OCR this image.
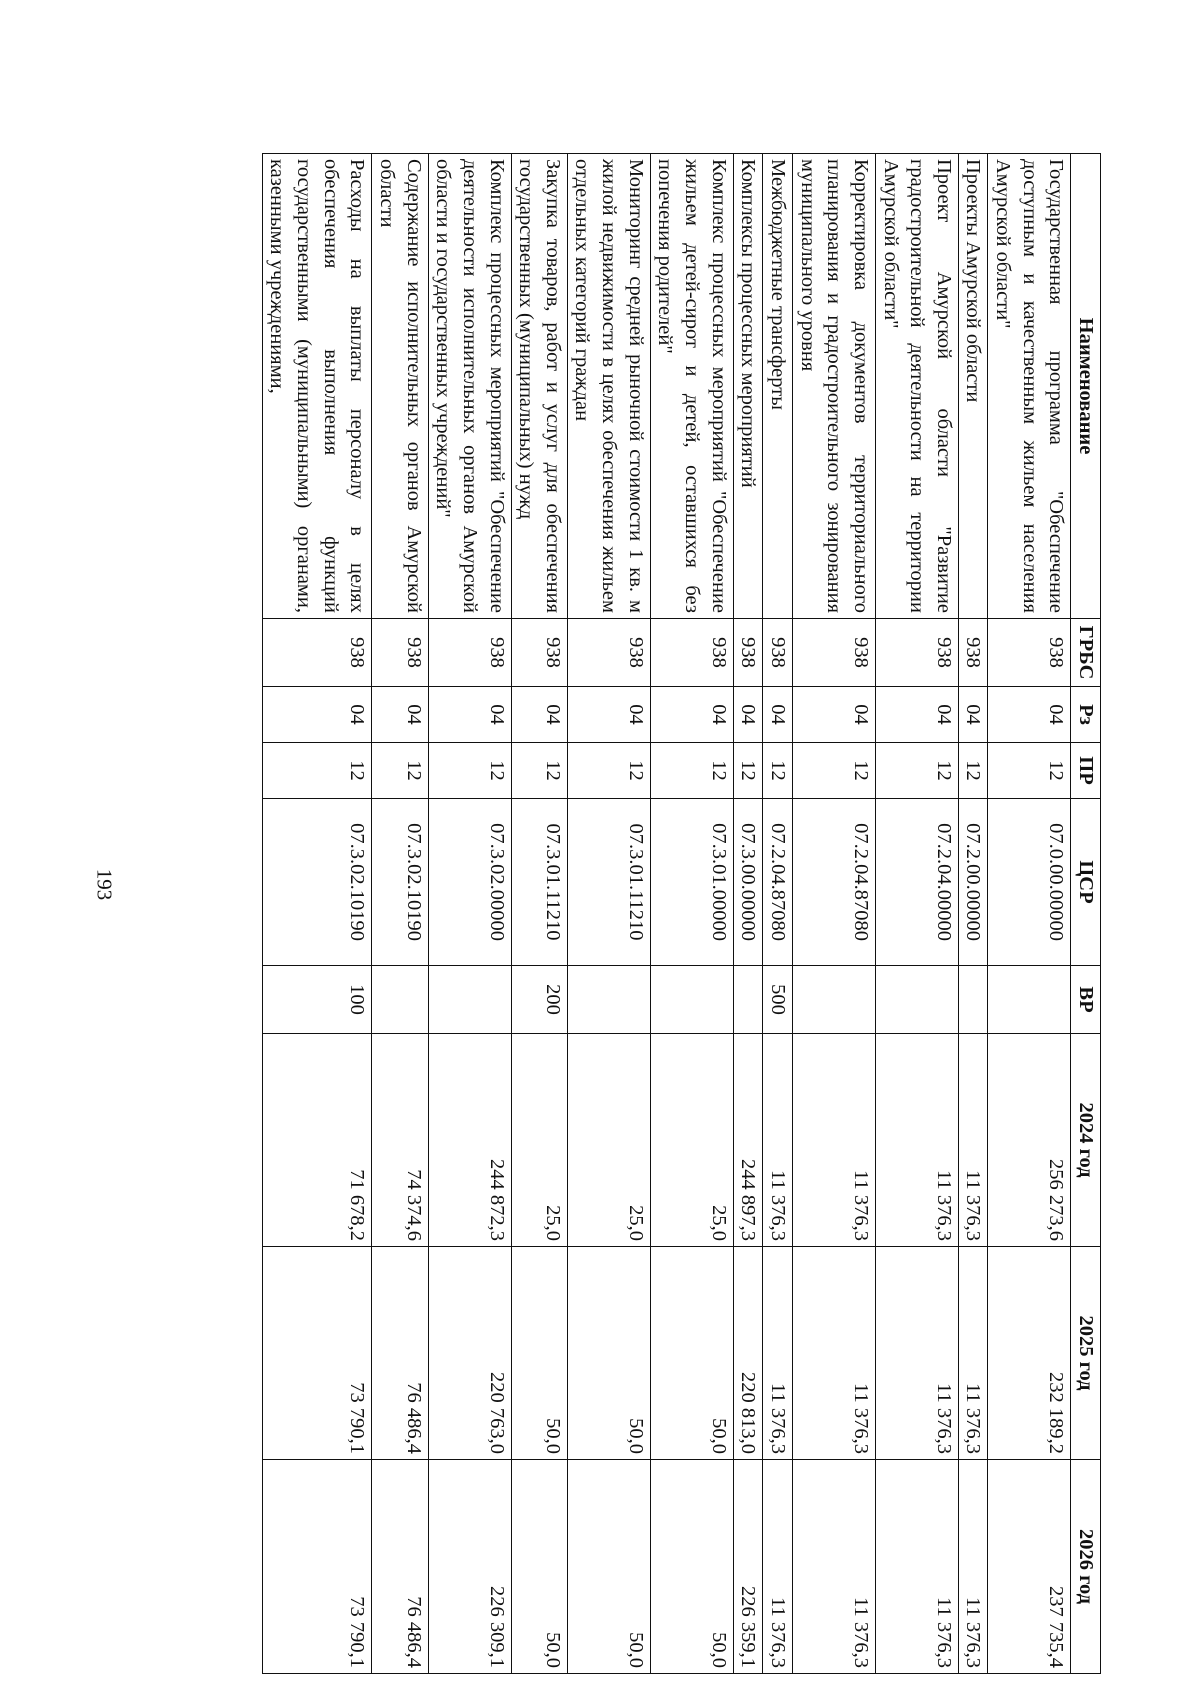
193

Наименование	ГРБС	Рз	ПР	ЦСР	ВР	2024 год	2025 год	2026 год
Государственная программа "Обеспечение доступным и качественным жильем населения Амурской области"	938	04	12	07.0.00.00000		256 273,6	232 189,2	237 735,4
Проекты Амурской области	938	04	12	07.2.00.00000		11 376,3	11 376,3	11 376,3
Проект Амурской области "Развитие градостроительной деятельности на территории Амурской области"	938	04	12	07.2.04.00000		11 376,3	11 376,3	11 376,3
Корректировка документов территориального планирования и градостроительного зонирования муниципального уровня	938	04	12	07.2.04.87080		11 376,3	11 376,3	11 376,3
Межбюджетные трансферты	938	04	12	07.2.04.87080	500	11 376,3	11 376,3	11 376,3
Комплексы процессных мероприятий	938	04	12	07.3.00.00000		244 897,3	220 813,0	226 359,1
Комплекс процессных мероприятий "Обеспечение жильем детей-сирот и детей, оставшихся без попечения родителей"	938	04	12	07.3.01.00000		25,0	50,0	50,0
Мониторинг средней рыночной стоимости 1 кв. м жилой недвижимости в целях обеспечения жильем отдельных категорий граждан	938	04	12	07.3.01.11210		25,0	50,0	50,0
Закупка товаров, работ и услуг для обеспечения государственных (муниципальных) нужд	938	04	12	07.3.01.11210	200	25,0	50,0	50,0
Комплекс процессных мероприятий "Обеспечение деятельности исполнительных органов Амурской области и государственных учреждений"	938	04	12	07.3.02.00000		244 872,3	220 763,0	226 309,1
Содержание исполнительных органов Амурской области	938	04	12	07.3.02.10190		74 374,6	76 486,4	76 486,4
Расходы на выплаты персоналу в целях обеспечения выполнения функций государственными (муниципальными) органами, казенными учреждениями,	938	04	12	07.3.02.10190	100	71 678,2	73 790,1	73 790,1
